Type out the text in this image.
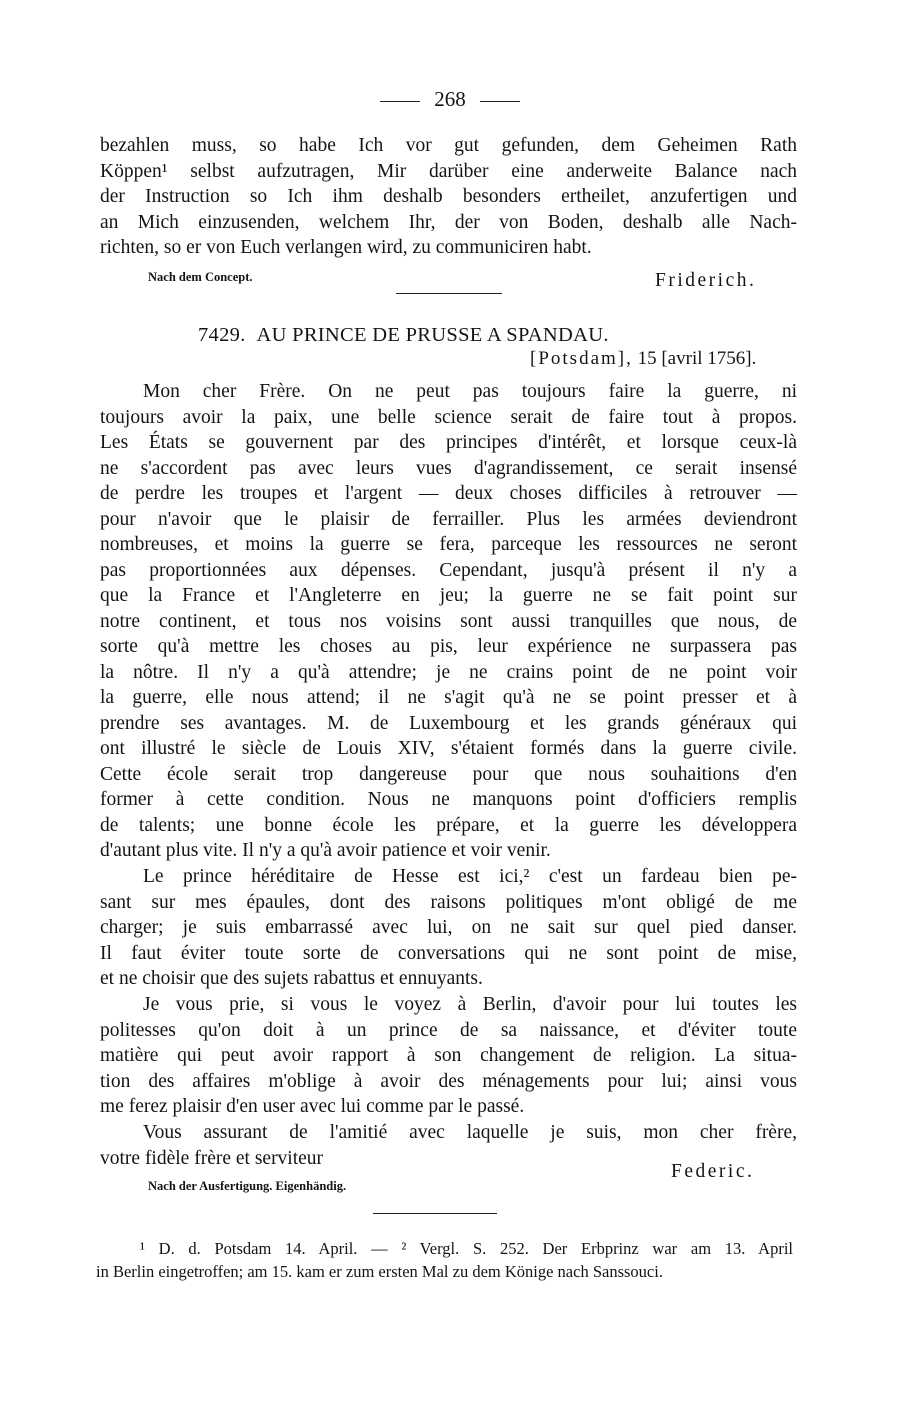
268
bezahlen muss, so habe Ich vor gut gefunden, dem Geheimen Rath
Köppen¹ selbst aufzutragen, Mir darüber eine anderweite Balance nach
der Instruction so Ich ihm deshalb besonders ertheilet, anzufertigen und
an Mich einzusenden, welchem Ihr, der von Boden, deshalb alle Nach-
richten, so er von Euch verlangen wird, zu communiciren habt.
Nach dem Concept.	Friderich.
7429. AU PRINCE DE PRUSSE A SPANDAU.
[Potsdam], 15 [avril 1756].
Mon cher Frère. On ne peut pas toujours faire la guerre, ni
toujours avoir la paix, une belle science serait de faire tout à propos.
Les États se gouvernent par des principes d'intérêt, et lorsque ceux-là
ne s'accordent pas avec leurs vues d'agrandissement, ce serait insensé
de perdre les troupes et l'argent — deux choses difficiles à retrouver —
pour n'avoir que le plaisir de ferrailler. Plus les armées deviendront
nombreuses, et moins la guerre se fera, parceque les ressources ne seront
pas proportionnées aux dépenses. Cependant, jusqu'à présent il n'y a
que la France et l'Angleterre en jeu; la guerre ne se fait point sur
notre continent, et tous nos voisins sont aussi tranquilles que nous, de
sorte qu'à mettre les choses au pis, leur expérience ne surpassera pas
la nôtre. Il n'y a qu'à attendre; je ne crains point de ne point voir
la guerre, elle nous attend; il ne s'agit qu'à ne se point presser et à
prendre ses avantages. M. de Luxembourg et les grands généraux qui
ont illustré le siècle de Louis XIV, s'étaient formés dans la guerre civile.
Cette école serait trop dangereuse pour que nous souhaitions d'en
former à cette condition. Nous ne manquons point d'officiers remplis
de talents; une bonne école les prépare, et la guerre les développera
d'autant plus vite. Il n'y a qu'à avoir patience et voir venir.
Le prince héréditaire de Hesse est ici,² c'est un fardeau bien pe-
sant sur mes épaules, dont des raisons politiques m'ont obligé de me
charger; je suis embarrassé avec lui, on ne sait sur quel pied danser.
Il faut éviter toute sorte de conversations qui ne sont point de mise,
et ne choisir que des sujets rabattus et ennuyants.
Je vous prie, si vous le voyez à Berlin, d'avoir pour lui toutes les
politesses qu'on doit à un prince de sa naissance, et d'éviter toute
matière qui peut avoir rapport à son changement de religion. La situa-
tion des affaires m'oblige à avoir des ménagements pour lui; ainsi vous
me ferez plaisir d'en user avec lui comme par le passé.
Vous assurant de l'amitié avec laquelle je suis, mon cher frère,
votre fidèle frère et serviteur
Federic.
Nach der Ausfertigung. Eigenhändig.
¹ D. d. Potsdam 14. April. — ² Vergl. S. 252. Der Erbprinz war am 13. April
in Berlin eingetroffen; am 15. kam er zum ersten Mal zu dem Könige nach Sanssouci.
